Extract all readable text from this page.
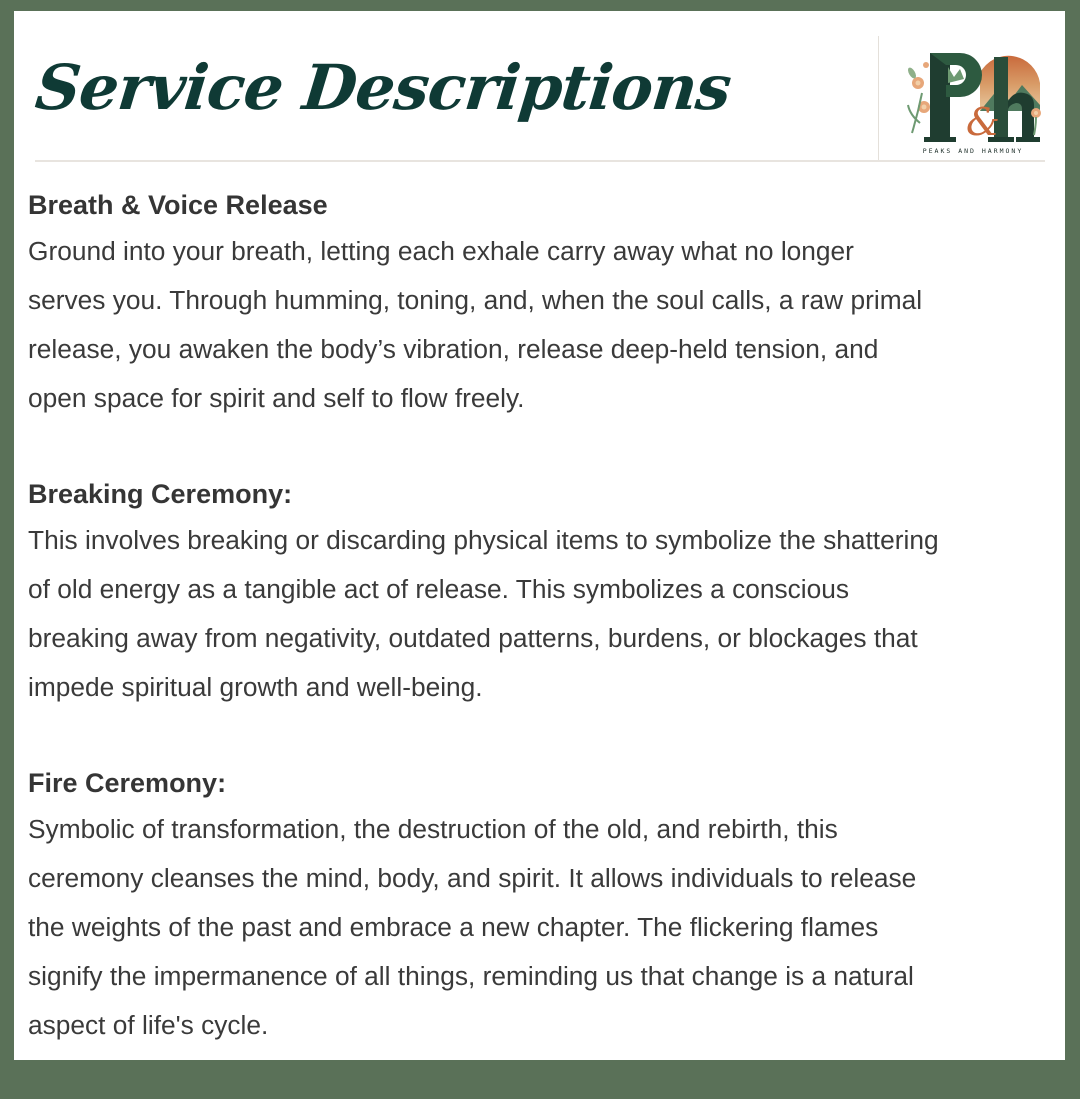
Service Descriptions	&
PEAKS AND HARMONY
Breath & Voice Release
Ground into your breath, letting each exhale carry away what no longer
serves you. Through humming, toning, and, when the soul calls, a raw primal
release, you awaken the body’s vibration, release deep-held tension, and
open space for spirit and self to flow freely.
Breaking Ceremony:
This involves breaking or discarding physical items to symbolize the shattering
of old energy as a tangible act of release. This symbolizes a conscious
breaking away from negativity, outdated patterns, burdens, or blockages that
impede spiritual growth and well-being.
Fire Ceremony:
Symbolic of transformation, the destruction of the old, and rebirth, this
ceremony cleanses the mind, body, and spirit. It allows individuals to release
the weights of the past and embrace a new chapter. The flickering flames
signify the impermanence of all things, reminding us that change is a natural
aspect of life's cycle.
